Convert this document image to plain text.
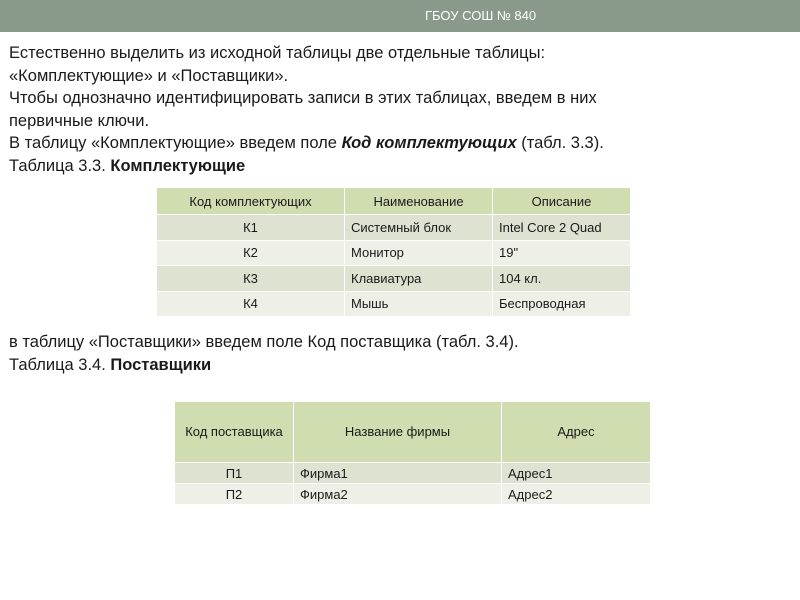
ГБОУ СОШ № 840

Естественно выделить из исходной таблицы две отдельные таблицы:

«Комплектующие» и «Поставщики».

Чтобы однозначно идентифицировать записи в этих таблицах, введем в них

первичные ключи.

В таблицу «Комплектующие» введем поле Код комплектующих (табл. 3.3).

Таблица 3.3. Комплектующие

Код комплектующих	Наименование	Описание
К1	Системный блок	Intel Core 2 Quad
К2	Монитор	19"
К3	Клавиатура	104 кл.
К4	Мышь	Беспроводная

в таблицу «Поставщики» введем поле Код поставщика (табл. 3.4).

Таблица 3.4. Поставщики

Код поставщика	Название фирмы	Адрес
П1	Фирма1	Адрес1
П2	Фирма2	Адрес2
